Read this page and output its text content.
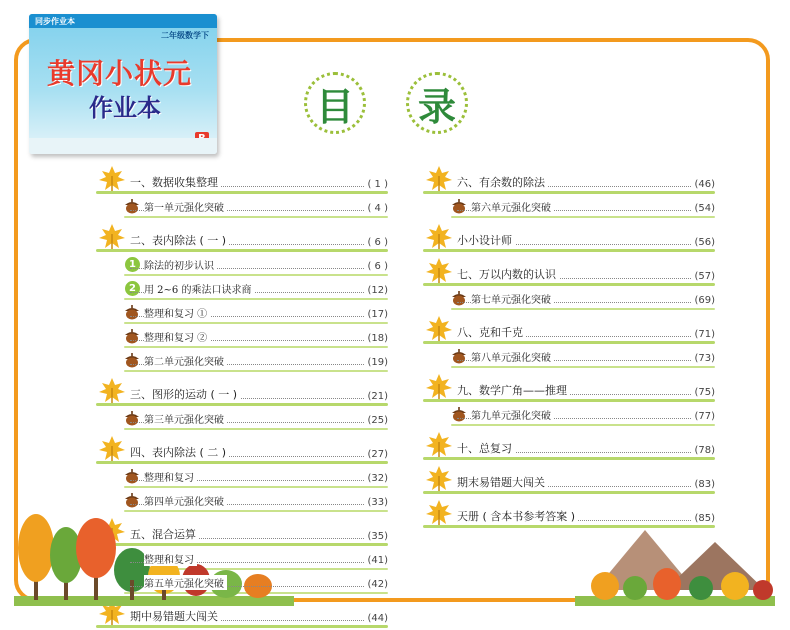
同步作业本
二年级数学下
黄冈小状元
作业本	目	录
一、数据收集整理	( 1 )
第一单元强化突破	( 4 )
二、表内除法 ( 一 )	( 6 )
1 除法的初步认识	( 6 )
2 用 2~6 的乘法口诀求商	(12)
整理和复习 ①	(17)
整理和复习 ②	(18)
第二单元强化突破	(19)
三、图形的运动 ( 一 )	(21)
第三单元强化突破	(25)
四、表内除法 ( 二 )	(27)
整理和复习	(32)
第四单元强化突破	(33)
五、混合运算	(35)
整理和复习	(41)
第五单元强化突破	(42)
期中易错题大闯关	(44)
六、有余数的除法	(46)
第六单元强化突破	(54)
小小设计师	(56)
七、万以内数的认识	(57)
第七单元强化突破	(69)
八、克和千克	(71)
第八单元强化突破	(73)
九、数学广角——推理	(75)
第九单元强化突破	(77)
十、总复习	(78)
期末易错题大闯关	(83)
天册 ( 含本书参考答案 )	(85)
